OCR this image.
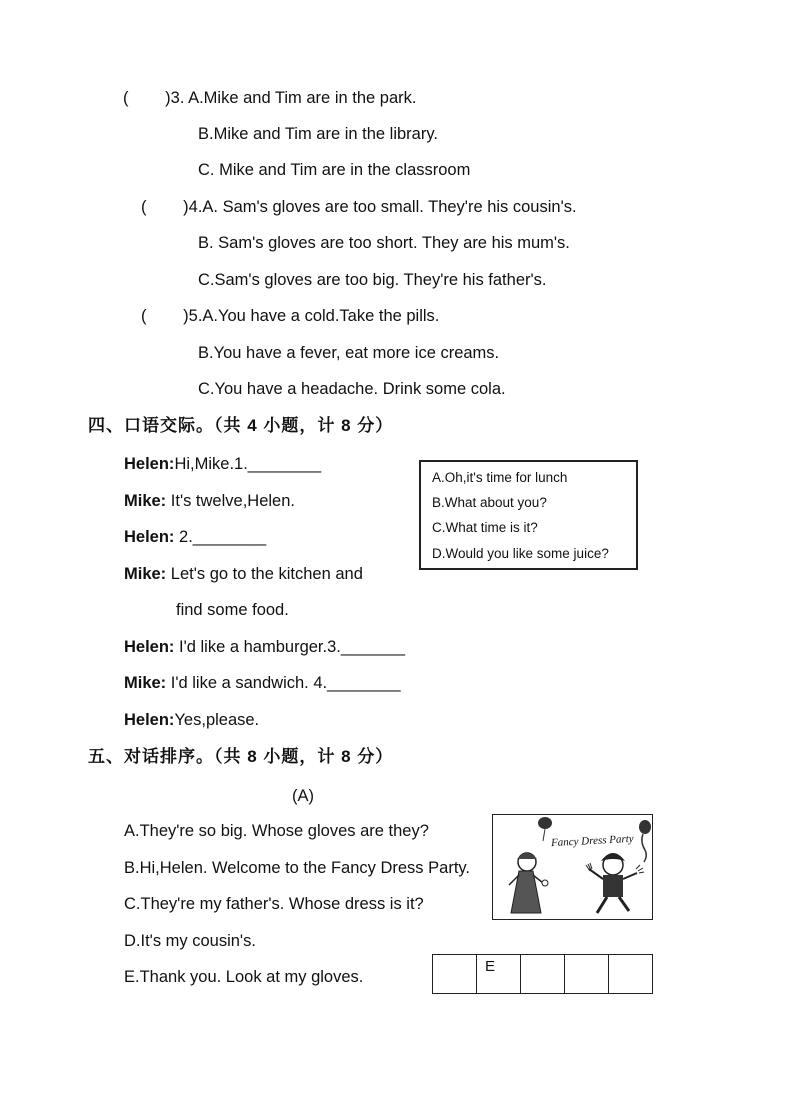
(        )3. A.Mike and Tim are in the park.
B.Mike and Tim are in the library.
C. Mike and Tim are in the classroom
(        )4.A. Sam's gloves are too small. They're his cousin's.
B. Sam's gloves are too short. They are his mum's.
C.Sam's gloves are too big. They're his father's.
(        )5.A.You have a cold.Take the pills.
B.You have a fever, eat more ice creams.
C.You have a headache. Drink some cola.
四、口语交际。（共 4 小题，计 8 分）
Helen:Hi,Mike.1.________
Mike: It's twelve,Helen.
Helen: 2.________
Mike: Let's go to the kitchen and
find some food.
Helen: I'd like a hamburger.3._______
Mike: I'd like a sandwich. 4.________
Helen:Yes,please.
A.Oh,it's time for lunch
B.What about you?
C.What time is it?
D.Would you like some juice?
五、对话排序。（共 8 小题，计 8 分）
(A)
A.They're so big. Whose gloves are they?
B.Hi,Helen. Welcome to the Fancy Dress Party.
C.They're my father's. Whose dress is it?
D.It's my cousin's.
E.Thank you. Look at my gloves.
Fancy Dress Party
	E			
